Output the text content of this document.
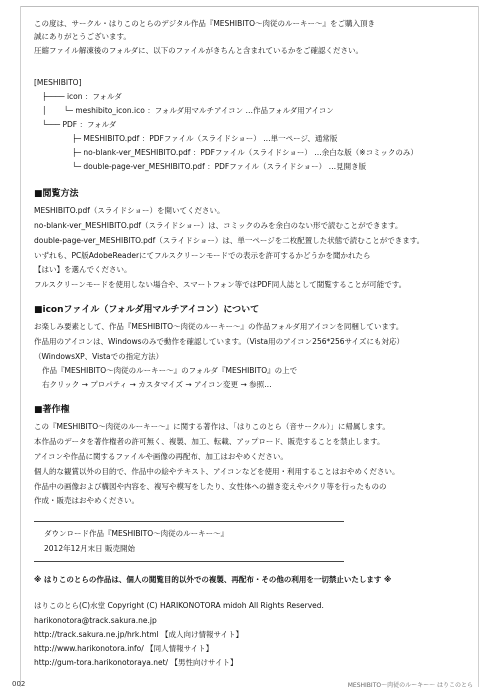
この度は、サークル・はりこのとらのデジタル作品『MESHIBITO～肉従のルーキー～』をご購入頂き
誠にありがとうございます。
圧縮ファイル解凍後のフォルダに、以下のファイルがきちんと含まれているかをご確認ください。
[MESHIBITO]
├──── icon ：フォルダ
│　　 └─ meshibito_icon.ico ：フォルダ用マルチアイコン …作品フォルダ用アイコン
└─── PDF ：フォルダ
├─ MESHIBITO.pdf ：PDFファイル（スライドショー） …単一ページ、通常版
├─ no-blank-ver_MESHIBITO.pdf ：PDFファイル（スライドショー） …余白な版（※コミックのみ）
└─ double-page-ver_MESHIBITO.pdf ：PDFファイル（スライドショー） …見開き版
■閲覧方法
MESHIBITO.pdf（スライドショー）を開いてください。
no-blank-ver_MESHIBITO.pdf（スライドショー）は、コミックのみを余白のない形で読むことができます。
double-page-ver_MESHIBITO.pdf（スライドショー）は、単一ページを二枚配置した状態で読むことができます。
いずれも、PC版AdobeReaderにてフルスクリーンモードでの表示を許可するかどうかを聞かれたら
【はい】を選んでください。
フルスクリーンモードを使用しない場合や、スマートフォン等ではPDF同人誌として閲覧することが可能です。
■iconファイル（フォルダ用マルチアイコン）について
お楽しみ要素として、作品『MESHIBITO～肉従のルーキー～』の作品フォルダ用アイコンを同梱しています。
作品用のアイコンは、Windowsのみで動作を確認しています。（Vista用のアイコン256*256サイズにも対応）
（WindowsXP、Vistaでの指定方法）
作品『MESHIBITO～肉従のルーキー～』のフォルダ『MESHIBITO』の上で
右クリック → プロパティ → カスタマイズ → アイコン変更 → 参照…
■著作権
この『MESHIBITO～肉従のルーキー～』に関する著作は、「はりこのとら（音サークル）」に帰属します。
本作品のデータを著作権者の許可無く、複製、加工、転載、アップロード、販売することを禁止します。
アイコンや作品に関するファイルや画像の再配布、加工はおやめください。
個人的な観賞以外の目的で、作品中の絵やテキスト、アイコンなどを使用・利用することはおやめください。
作品中の画像および構図や内容を、複写や模写をしたり、女性体への描き変えやパクリ等を行ったものの
作成・販売はおやめください。
ダウンロード作品『MESHIBITO～肉従のルーキー～』
2012年12月末日 販売開始
※ はりこのとらの作品は、個人の閲覧目的以外での複製、再配布・その他の利用を一切禁止いたします ※
はりこのとら(C)水堂 Copyright (C) HARIKONOTORA midoh All Rights Reserved.
harikonotora@track.sakura.ne.jp
http://track.sakura.ne.jp/hrk.html 【成人向け情報サイト】
http://www.harikonotora.info/ 【同人情報サイト】
http://gum-tora.harikonotoraya.net/ 【男性向けサイト】
002	MESHIBITO～肉従のルーキー～ はりこのとら
